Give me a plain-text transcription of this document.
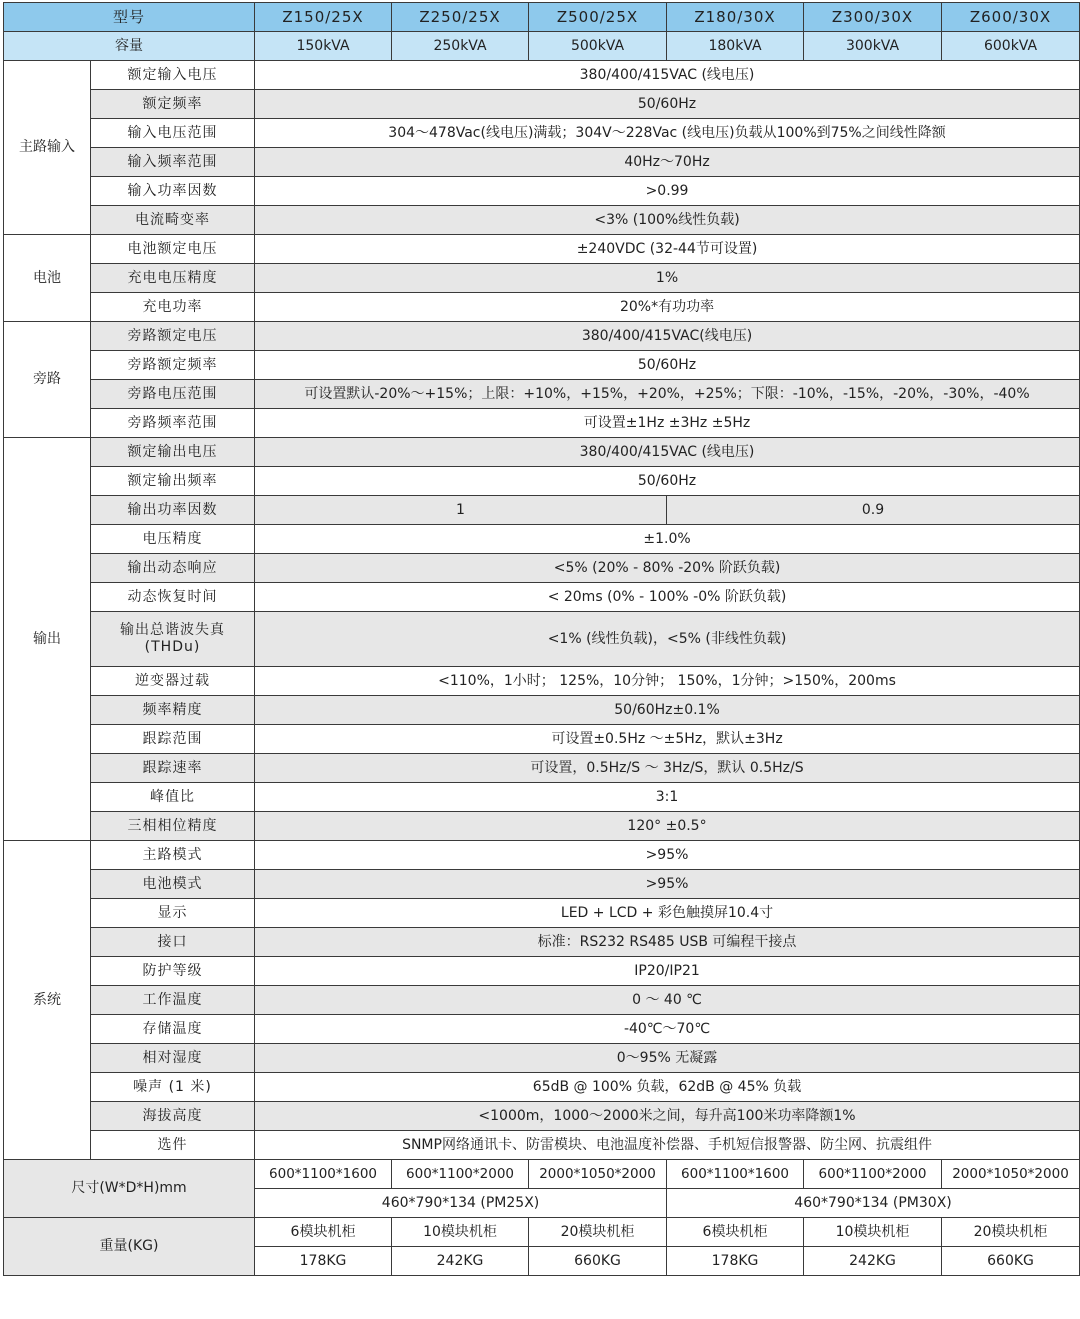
型号		Z150/25X	Z250/25X	Z500/25X	Z180/30X	Z300/30X	Z600/30X
容量		150kVA	250kVA	500kVA	180kVA	300kVA	600kVA
主路输入	额定输入电压	380/400/415VAC (线电压)					
	额定频率	50/60Hz					
	输入电压范围	304～478Vac(线电压)满载；304V～228Vac (线电压)负载从100%到75%之间线性降额					
	输入频率范围	40Hz～70Hz					
	输入功率因数	>0.99					
	电流畸变率	<3% (100%线性负载)					
电池	电池额定电压	±240VDC (32-44节可设置)					
	充电电压精度	1%					
	充电功率	20%*有功功率					
旁路	旁路额定电压	380/400/415VAC(线电压)					
	旁路额定频率	50/60Hz					
	旁路电压范围	可设置默认-20%～+15%；上限：+10%，+15%，+20%，+25%；下限：-10%，-15%，-20%，-30%，-40%					
	旁路频率范围	可设置±1Hz ±3Hz ±5Hz					
输出	额定输出电压	380/400/415VAC (线电压)					
	额定输出频率	50/60Hz					
	输出功率因数	1			0.9		
	电压精度	±1.0%					
	输出动态响应	<5% (20% - 80% -20% 阶跃负载)					
	动态恢复时间	< 20ms (0% - 100% -0% 阶跃负载)					
	输出总谐波失真 (THDu)	<1% (线性负载)，<5% (非线性负载)					
	逆变器过载	<110%，1小时； 125%，10分钟； 150%，1分钟；>150%，200ms					
	频率精度	50/60Hz±0.1%					
	跟踪范围	可设置±0.5Hz ～±5Hz，默认±3Hz					
	跟踪速率	可设置，0.5Hz/S ～ 3Hz/S，默认 0.5Hz/S					
	峰值比	3:1					
	三相相位精度	120° ±0.5°					
系统	主路模式	>95%					
	电池模式	>95%					
	显示	LED + LCD + 彩色触摸屏10.4寸					
	接口	标准：RS232 RS485 USB 可编程干接点					
	防护等级	IP20/IP21					
	工作温度	0 ～ 40 ℃					
	存储温度	-40℃～70℃					
	相对湿度	0～95% 无凝露					
	噪声 (1 米)	65dB @ 100% 负载，62dB @ 45% 负载					
	海拔高度	<1000m，1000～2000米之间，每升高100米功率降额1%					
	选件	SNMP网络通讯卡、防雷模块、电池温度补偿器、手机短信报警器、防尘网、抗震组件					
尺寸(W*D*H)mm		600*1100*1600	600*1100*2000	2000*1050*2000	600*1100*1600	600*1100*2000	2000*1050*2000
		460*790*134 (PM25X)			460*790*134 (PM30X)		
重量(KG)		6模块机柜	10模块机柜	20模块机柜	6模块机柜	10模块机柜	20模块机柜
		178KG	242KG	660KG	178KG	242KG	660KG
